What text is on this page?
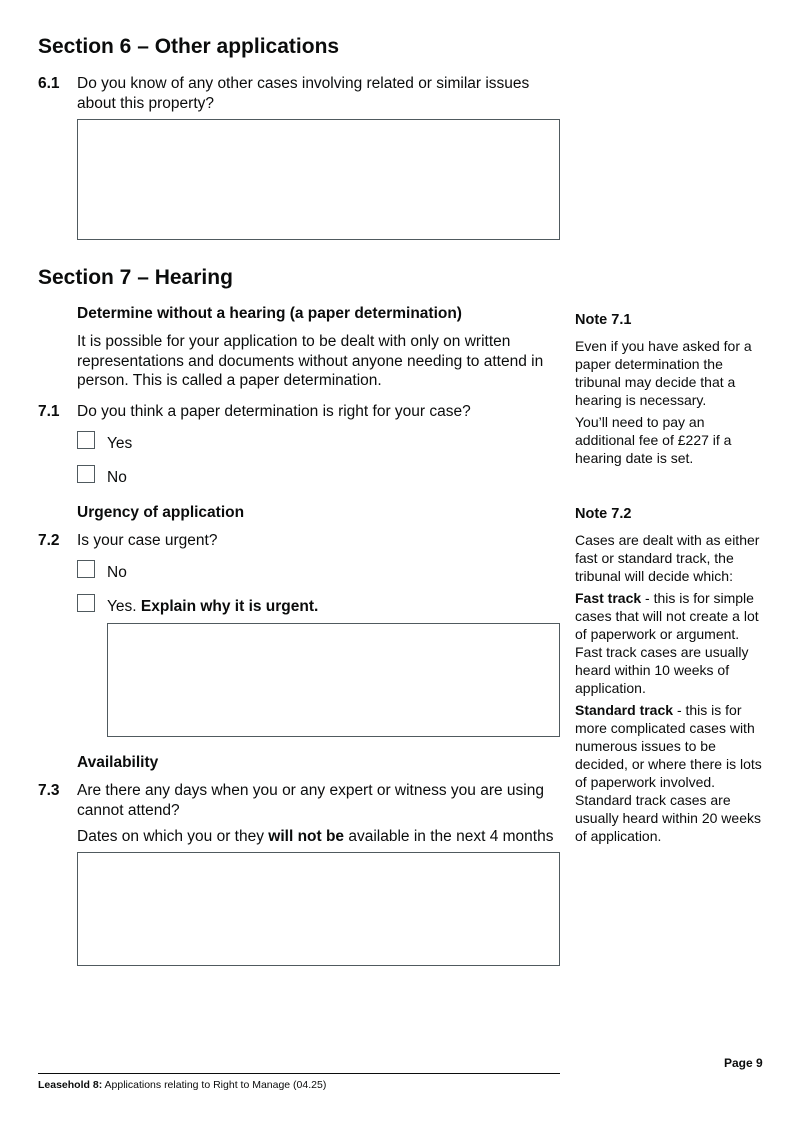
Section 6 – Other applications
6.1 Do you know of any other cases involving related or similar issues about this property?
Section 7 – Hearing
Determine without a hearing (a paper determination)
It is possible for your application to be dealt with only on written representations and documents without anyone needing to attend in person. This is called a paper determination.
7.1 Do you think a paper determination is right for your case?
Yes
No
Urgency of application
7.2 Is your case urgent?
No
Yes. Explain why it is urgent.
Availability
7.3 Are there any days when you or any expert or witness you are using cannot attend?
Dates on which you or they will not be available in the next 4 months
Note 7.1

Even if you have asked for a paper determination the tribunal may decide that a hearing is necessary.

You’ll need to pay an additional fee of £227 if a hearing date is set.

Note 7.2

Cases are dealt with as either fast or standard track, the tribunal will decide which:

Fast track - this is for simple cases that will not create a lot of paperwork or argument. Fast track cases are usually heard within 10 weeks of application.

Standard track - this is for more complicated cases with numerous issues to be decided, or where there is lots of paperwork involved. Standard track cases are usually heard within 20 weeks of application.

Page 9
Leasehold 8: Applications relating to Right to Manage (04.25)
